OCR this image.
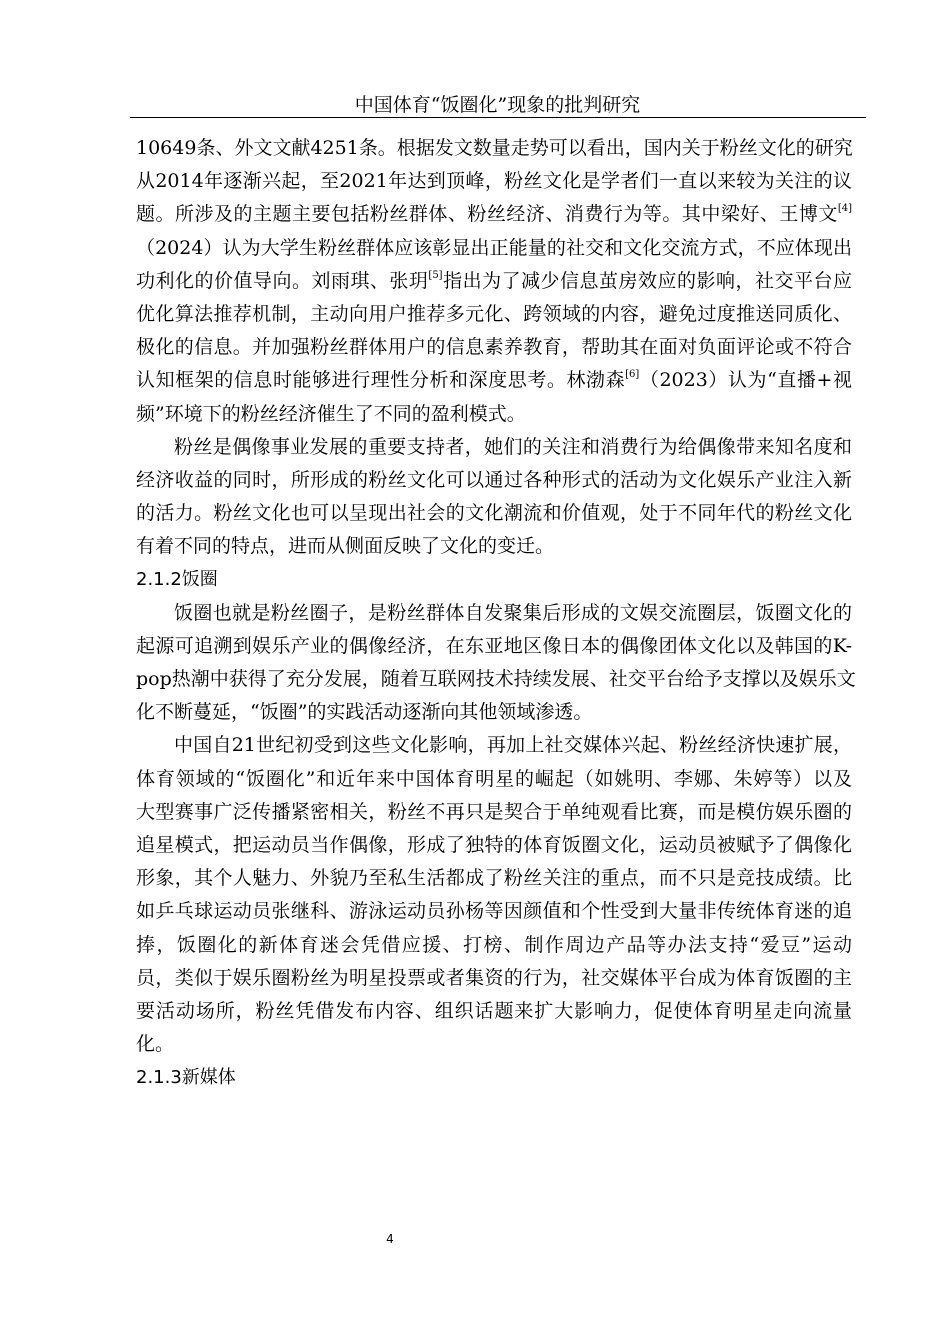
中国体育“饭圈化”现象的批判研究
10649条、外文文献4251条。根据发文数量走势可以看出，国内关于粉丝文化的研究
从2014年逐渐兴起，至2021年达到顶峰，粉丝文化是学者们一直以来较为关注的议
题。所涉及的主题主要包括粉丝群体、粉丝经济、消费行为等。其中梁好、王博文[4]
（2024）认为大学生粉丝群体应该彰显出正能量的社交和文化交流方式，不应体现出
功利化的价值导向。刘雨琪、张玥[5]指出为了减少信息茧房效应的影响，社交平台应
优化算法推荐机制，主动向用户推荐多元化、跨领域的内容，避免过度推送同质化、
极化的信息。并加强粉丝群体用户的信息素养教育，帮助其在面对负面评论或不符合
认知框架的信息时能够进行理性分析和深度思考。林渤森[6]（2023）认为“直播+视
频”环境下的粉丝经济催生了不同的盈利模式。
粉丝是偶像事业发展的重要支持者，她们的关注和消费行为给偶像带来知名度和
经济收益的同时，所形成的粉丝文化可以通过各种形式的活动为文化娱乐产业注入新
的活力。粉丝文化也可以呈现出社会的文化潮流和价值观，处于不同年代的粉丝文化
有着不同的特点，进而从侧面反映了文化的变迁。
2.1.2饭圈
饭圈也就是粉丝圈子，是粉丝群体自发聚集后形成的文娱交流圈层，饭圈文化的
起源可追溯到娱乐产业的偶像经济，在东亚地区像日本的偶像团体文化以及韩国的K-
pop热潮中获得了充分发展，随着互联网技术持续发展、社交平台给予支撑以及娱乐文
化不断蔓延，“饭圈”的实践活动逐渐向其他领域渗透。
中国自21世纪初受到这些文化影响，再加上社交媒体兴起、粉丝经济快速扩展，
体育领域的“饭圈化”和近年来中国体育明星的崛起（如姚明、李娜、朱婷等）以及
大型赛事广泛传播紧密相关，粉丝不再只是契合于单纯观看比赛，而是模仿娱乐圈的
追星模式，把运动员当作偶像，形成了独特的体育饭圈文化，运动员被赋予了偶像化
形象，其个人魅力、外貌乃至私生活都成了粉丝关注的重点，而不只是竞技成绩。比
如乒乓球运动员张继科、游泳运动员孙杨等因颜值和个性受到大量非传统体育迷的追
捧，饭圈化的新体育迷会凭借应援、打榜、制作周边产品等办法支持“爱豆”运动
员，类似于娱乐圈粉丝为明星投票或者集资的行为，社交媒体平台成为体育饭圈的主
要活动场所，粉丝凭借发布内容、组织话题来扩大影响力，促使体育明星走向流量
化。
2.1.3新媒体
4
